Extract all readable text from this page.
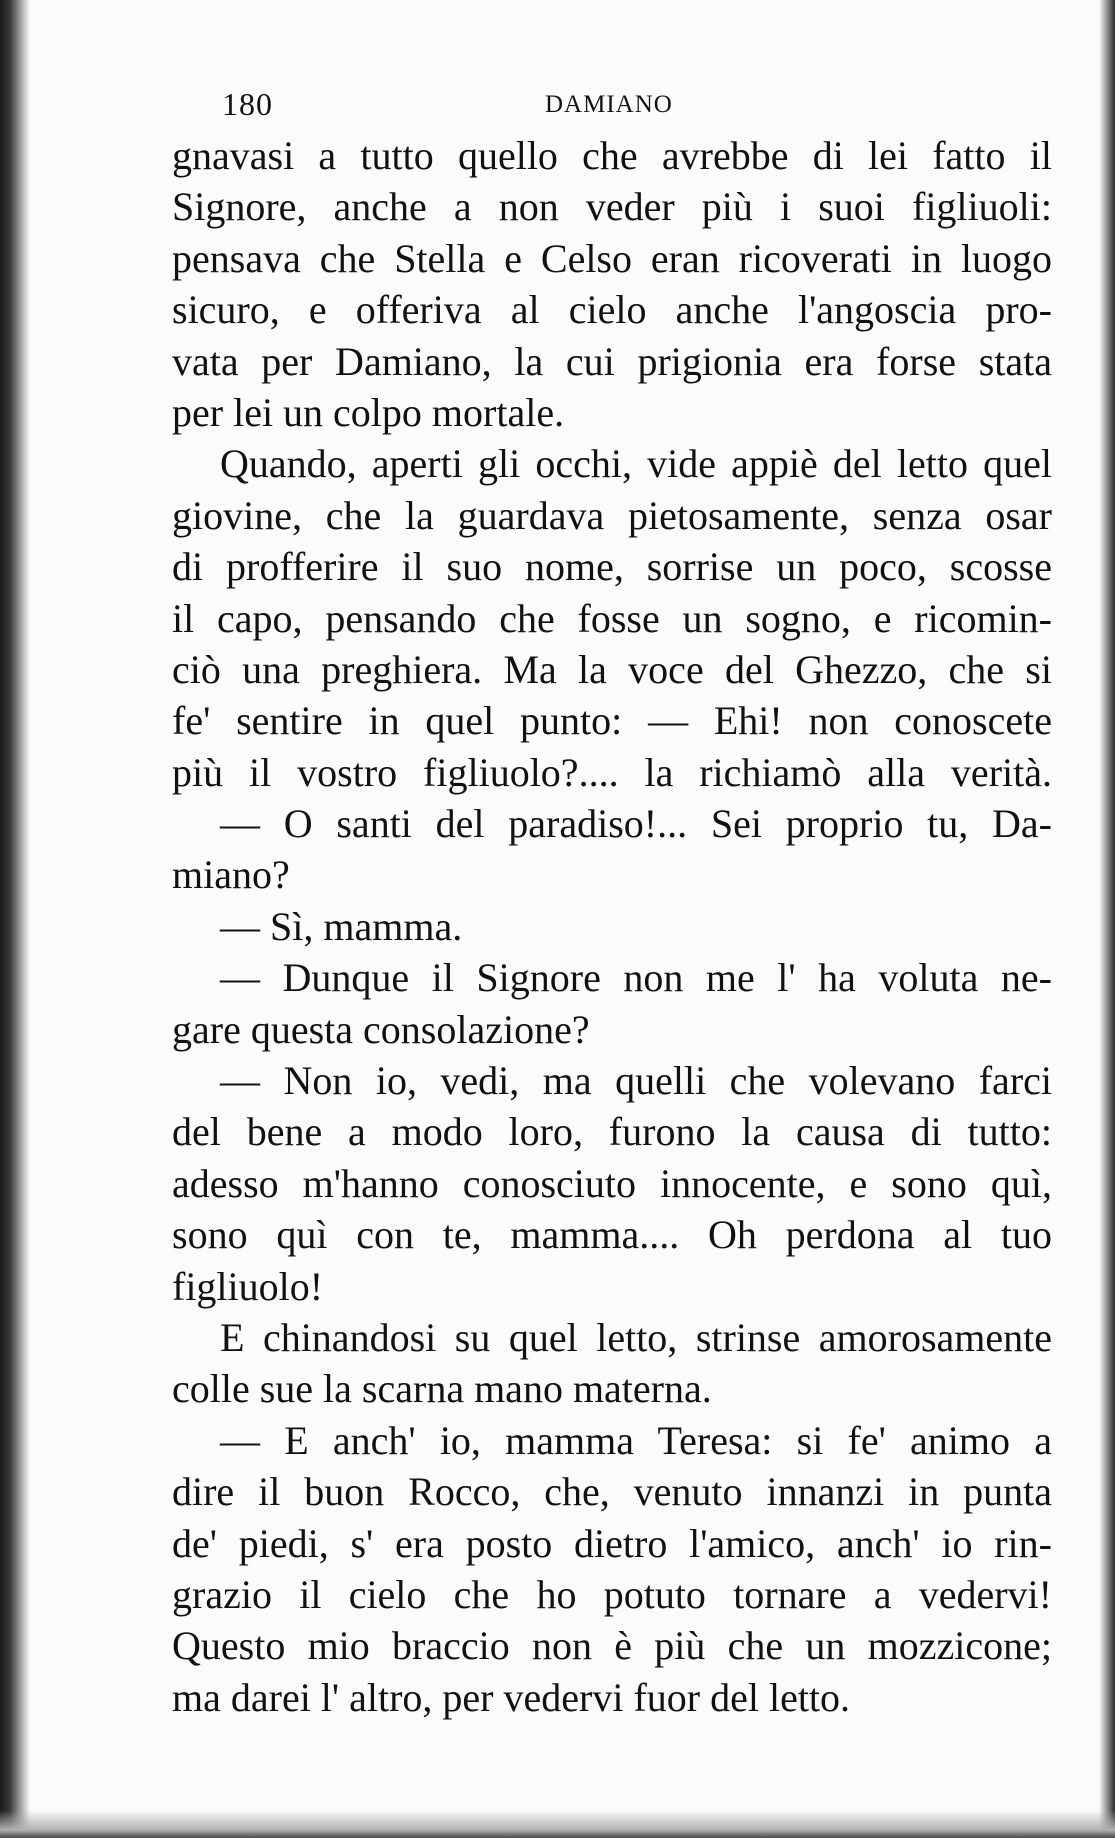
180	DAMIANO
gnavasi a tutto quello che avrebbe di lei fatto il
Signore, anche a non veder più i suoi figliuoli:
pensava che Stella e Celso eran ricoverati in luogo
sicuro, e offeriva al cielo anche l'angoscia pro-
vata per Damiano, la cui prigionia era forse stata
per lei un colpo mortale.
Quando, aperti gli occhi, vide appiè del letto quel
giovine, che la guardava pietosamente, senza osar
di profferire il suo nome, sorrise un poco, scosse
il capo, pensando che fosse un sogno, e ricomin-
ciò una preghiera. Ma la voce del Ghezzo, che si
fe' sentire in quel punto: — Ehi! non conoscete
più il vostro figliuolo?.... la richiamò alla verità.
— O santi del paradiso!... Sei proprio tu, Da-
miano?
— Sì, mamma.
— Dunque il Signore non me l' ha voluta ne-
gare questa consolazione?
— Non io, vedi, ma quelli che volevano farci
del bene a modo loro, furono la causa di tutto:
adesso m'hanno conosciuto innocente, e sono quì,
sono quì con te, mamma.... Oh perdona al tuo
figliuolo!
E chinandosi su quel letto, strinse amorosamente
colle sue la scarna mano materna.
— E anch' io, mamma Teresa: si fe' animo a
dire il buon Rocco, che, venuto innanzi in punta
de' piedi, s' era posto dietro l'amico, anch' io rin-
grazio il cielo che ho potuto tornare a vedervi!
Questo mio braccio non è più che un mozzicone;
ma darei l' altro, per vedervi fuor del letto.
